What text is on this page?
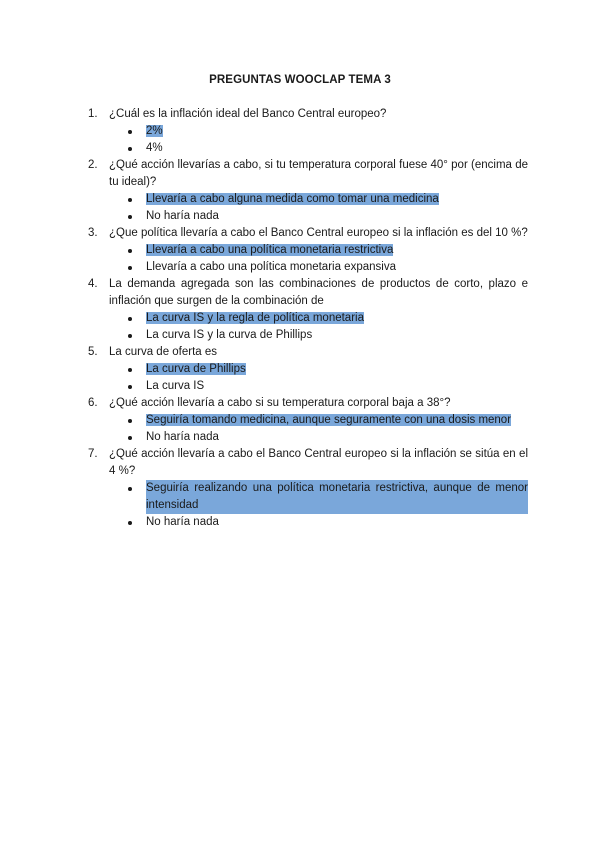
PREGUNTAS WOOCLAP TEMA 3
1. ¿Cuál es la inflación ideal del Banco Central europeo?
2%
4%
2. ¿Qué acción llevarías a cabo, si tu temperatura corporal fuese 40° por (encima de tu ideal)?
Llevaría a cabo alguna medida como tomar una medicina
No haría nada
3. ¿Que política llevaría a cabo el Banco Central europeo si la inflación es del 10 %?
Llevaría a cabo una política monetaria restrictiva
Llevaría a cabo una política monetaria expansiva
4. La demanda agregada son las combinaciones de productos de corto, plazo e inflación que surgen de la combinación de
La curva IS y la regla de política monetaria
La curva IS y la curva de Phillips
5. La curva de oferta es
La curva de Phillips
La curva IS
6. ¿Qué acción llevaría a cabo si su temperatura corporal baja a 38°?
Seguiría tomando medicina, aunque seguramente con una dosis menor
No haría nada
7. ¿Qué acción llevaría a cabo el Banco Central europeo si la inflación se sitúa en el 4 %?
Seguiría realizando una política monetaria restrictiva, aunque de menor intensidad
No haría nada
